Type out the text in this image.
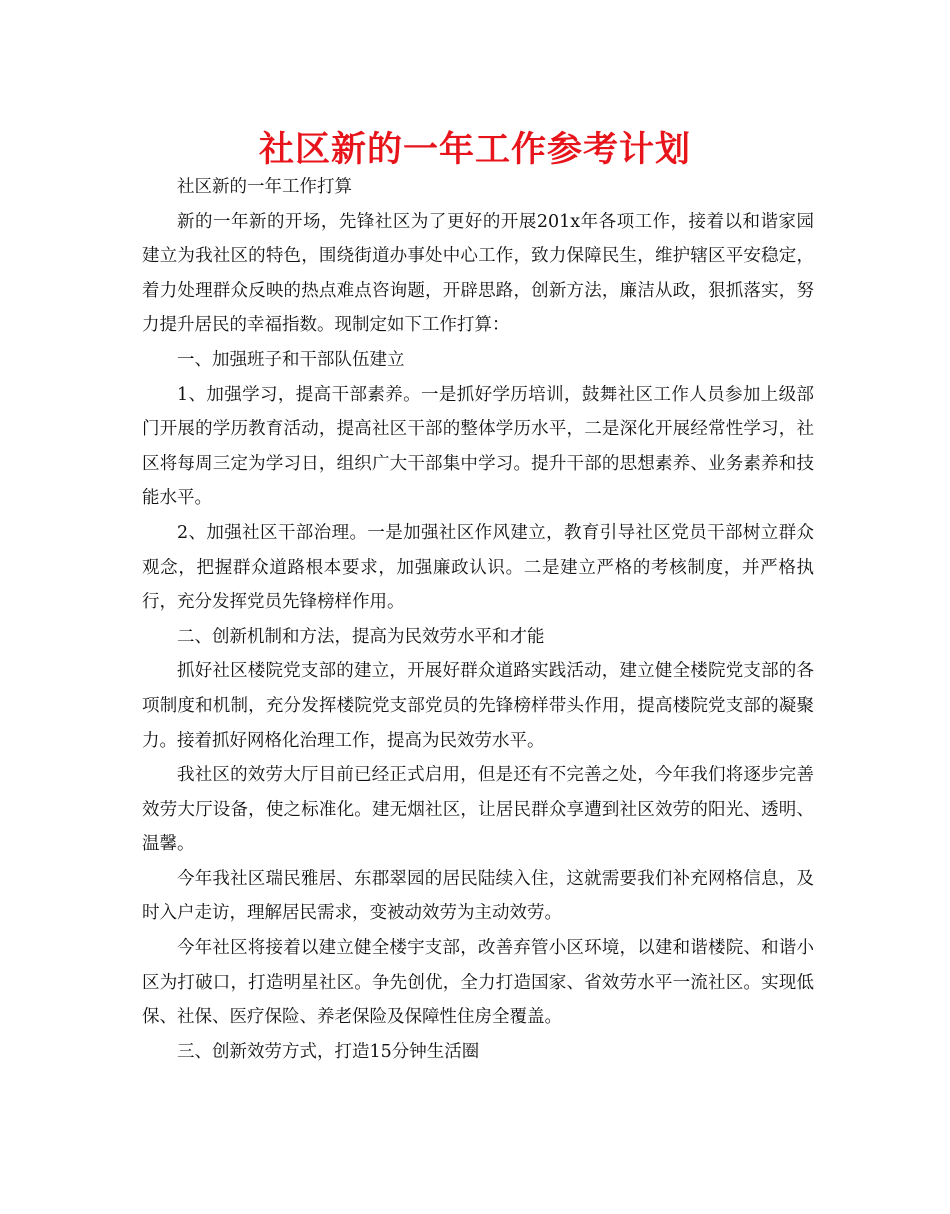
社区新的一年工作参考计划

社区新的一年工作打算

新的一年新的开场，先锋社区为了更好的开展201x年各项工作，接着以和谐家园建立为我社区的特色，围绕街道办事处中心工作，致力保障民生，维护辖区平安稳定，着力处理群众反映的热点难点咨询题，开辟思路，创新方法，廉洁从政，狠抓落实，努力提升居民的幸福指数。现制定如下工作打算：

一、加强班子和干部队伍建立

1、加强学习，提高干部素养。一是抓好学历培训，鼓舞社区工作人员参加上级部门开展的学历教育活动，提高社区干部的整体学历水平，二是深化开展经常性学习，社区将每周三定为学习日，组织广大干部集中学习。提升干部的思想素养、业务素养和技能水平。

2、加强社区干部治理。一是加强社区作风建立，教育引导社区党员干部树立群众观念，把握群众道路根本要求，加强廉政认识。二是建立严格的考核制度，并严格执行，充分发挥党员先锋榜样作用。

二、创新机制和方法，提高为民效劳水平和才能

抓好社区楼院党支部的建立，开展好群众道路实践活动，建立健全楼院党支部的各项制度和机制，充分发挥楼院党支部党员的先锋榜样带头作用，提高楼院党支部的凝聚力。接着抓好网格化治理工作，提高为民效劳水平。

我社区的效劳大厅目前已经正式启用，但是还有不完善之处，今年我们将逐步完善效劳大厅设备，使之标准化。建无烟社区，让居民群众享遭到社区效劳的阳光、透明、温馨。

今年我社区瑞民雅居、东郡翠园的居民陆续入住，这就需要我们补充网格信息，及时入户走访，理解居民需求，变被动效劳为主动效劳。

今年社区将接着以建立健全楼宇支部，改善弃管小区环境，以建和谐楼院、和谐小区为打破口，打造明星社区。争先创优，全力打造国家、省效劳水平一流社区。实现低保、社保、医疗保险、养老保险及保障性住房全覆盖。

三、创新效劳方式，打造15分钟生活圈
